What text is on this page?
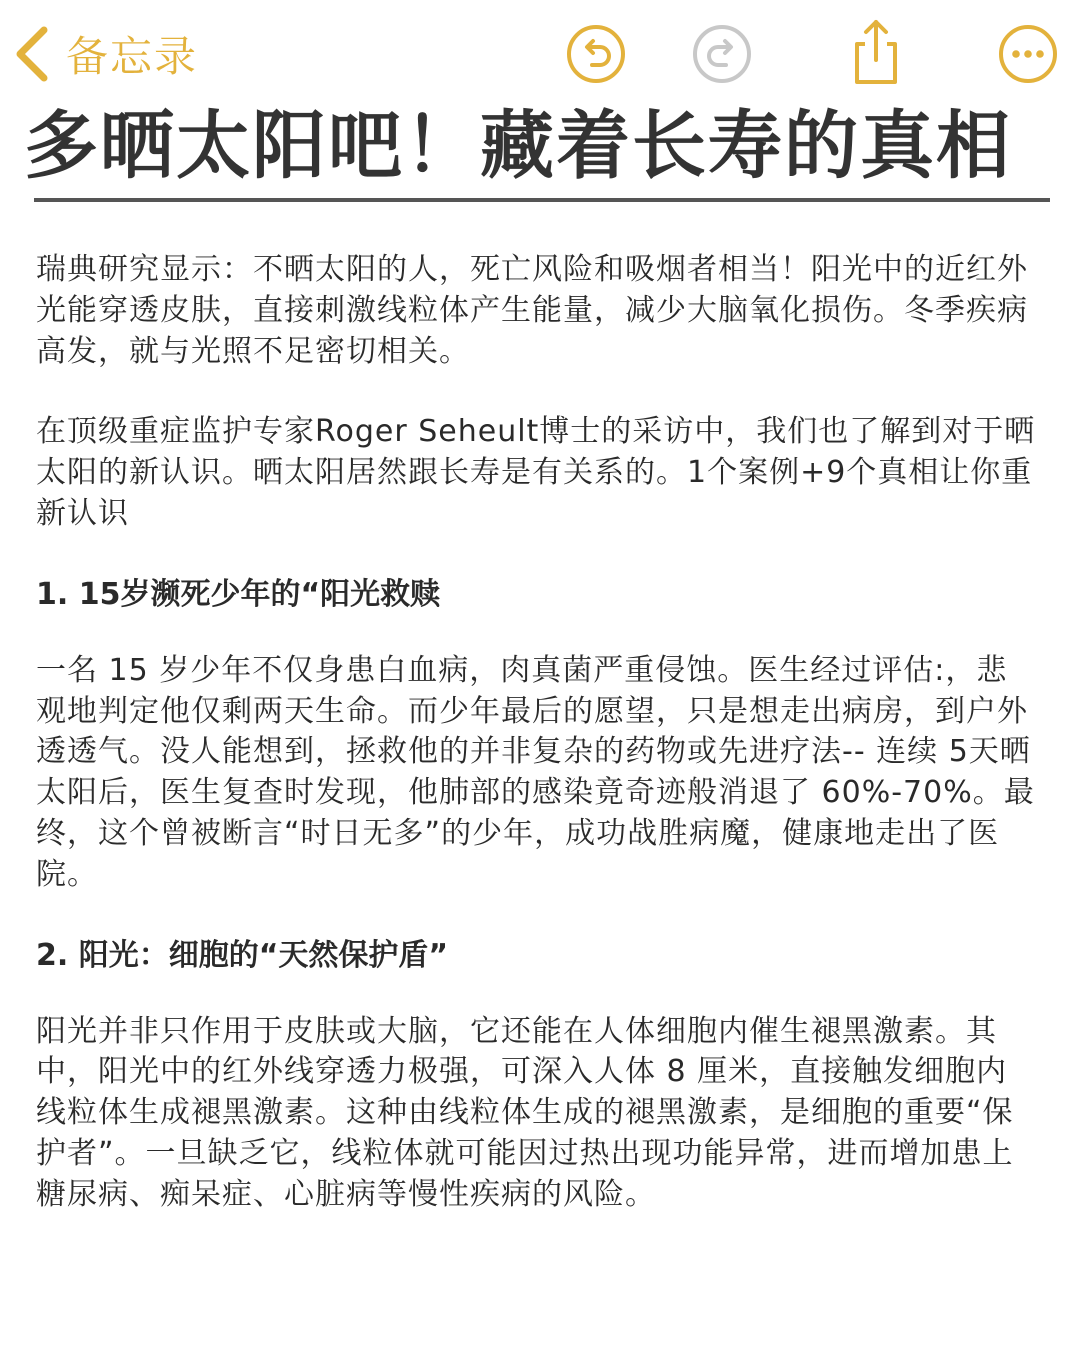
备忘录
多晒太阳吧！藏着长寿的真相

瑞典研究显示：不晒太阳的人，死亡风险和吸烟者相当！阳光中的近红外光能穿透皮肤，直接刺激线粒体产生能量，减少大脑氧化损伤。冬季疾病高发，就与光照不足密切相关。

在顶级重症监护专家Roger Seheult博士的采访中，我们也了解到对于晒太阳的新认识。晒太阳居然跟长寿是有关系的。1个案例+9个真相让你重新认识

1. 15岁濒死少年的“阳光救赎

一名 15 岁少年不仅身患白血病，肉真菌严重侵蚀。医生经过评估:，悲观地判定他仅剩两天生命。而少年最后的愿望，只是想走出病房，到户外透透气。没人能想到，拯救他的并非复杂的药物或先进疗法-- 连续 5天晒太阳后，医生复查时发现，他肺部的感染竟奇迹般消退了 60%-70%。最终，这个曾被断言“时日无多”的少年，成功战胜病魔，健康地走出了医院。

2. 阳光：细胞的“天然保护盾”

阳光并非只作用于皮肤或大脑，它还能在人体细胞内催生褪黑激素。其中，阳光中的红外线穿透力极强，可深入人体 8 厘米，直接触发细胞内线粒体生成褪黑激素。这种由线粒体生成的褪黑激素，是细胞的重要“保护者”。一旦缺乏它，线粒体就可能因过热出现功能异常，进而增加患上糖尿病、痴呆症、心脏病等慢性疾病的风险。
